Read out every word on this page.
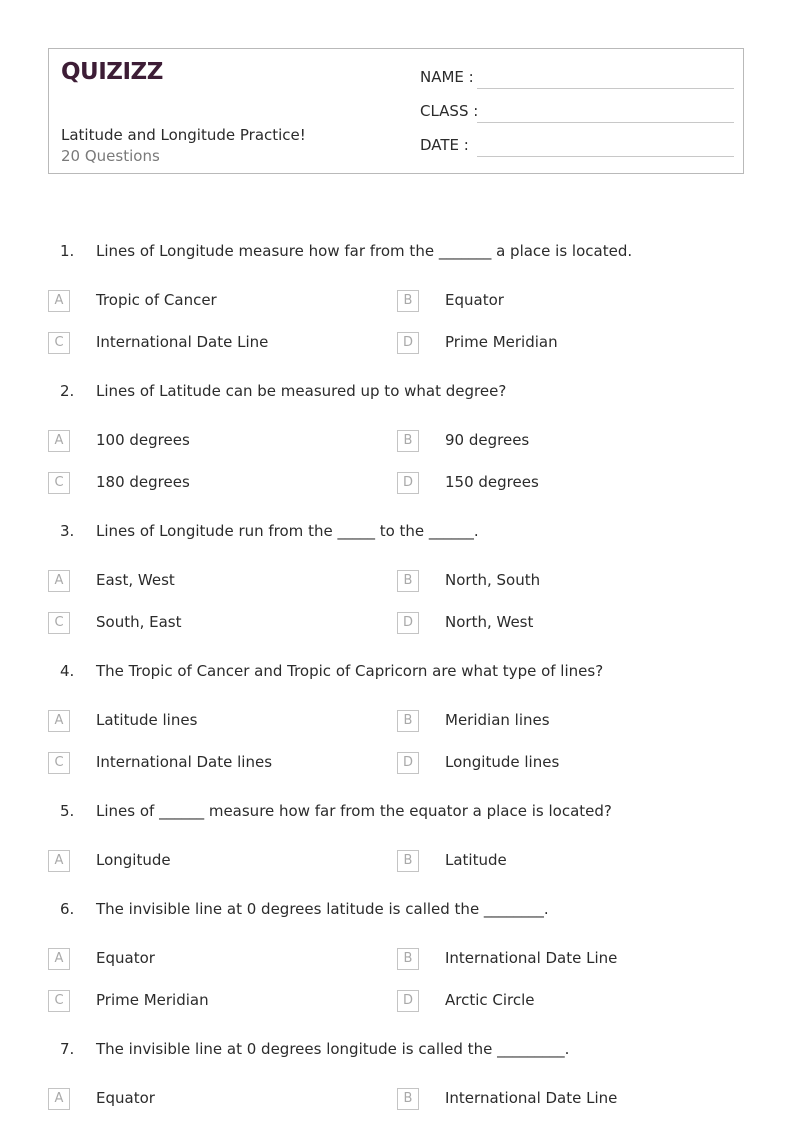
QUIZIZZ
Latitude and Longitude Practice!
20 Questions
NAME :
CLASS :
DATE :
1. Lines of Longitude measure how far from the _______ a place is located.
A	Tropic of Cancer	B	Equator
C	International Date Line	D	Prime Meridian
2. Lines of Latitude can be measured up to what degree?
A	100 degrees	B	90 degrees
C	180 degrees	D	150 degrees
3. Lines of Longitude run from the _____ to the ______.
A	East, West	B	North, South
C	South, East	D	North, West
4. The Tropic of Cancer and Tropic of Capricorn are what type of lines?
A	Latitude lines	B	Meridian lines
C	International Date lines	D	Longitude lines
5. Lines of ______ measure how far from the equator a place is located?
A	Longitude	B	Latitude
6. The invisible line at 0 degrees latitude is called the ________.
A	Equator	B	International Date Line
C	Prime Meridian	D	Arctic Circle
7. The invisible line at 0 degrees longitude is called the _________.
A	Equator	B	International Date Line
